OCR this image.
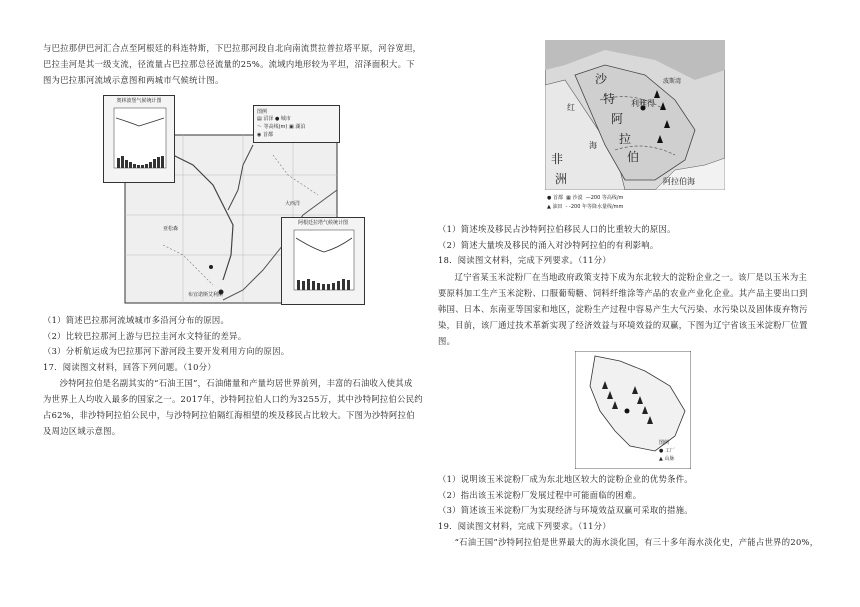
与巴拉那伊巴河汇合点至阿根廷的科连特斯，下巴拉那河段自北向南流贯拉普拉塔平原，河谷宽坦，

巴拉圭河是其一级支流，径流量占巴拉那总径流量的25%。流域内地形较为平坦，沼泽面积大。下

图为巴拉那河流域示意图和两城市气候统计图。

奥林波堡气候统计图
图例
▤ 沼泽 ● 城市
～ 等高线(m) ▣ 湖泊
◉ 首都
阿根廷拉塔气候统计图
大西洋
布宜诺斯艾利斯
亚松森

（1）简述巴拉那河流域城市多沿河分布的原因。

（2）比较巴拉那河上游与巴拉圭河水文特征的差异。

（3）分析航运成为巴拉那河下游河段主要开发利用方向的原因。

17．阅读图文材料，回答下列问题。（10分）

沙特阿拉伯是名副其实的“石油王国”，石油储量和产量均居世界前列，丰富的石油收入使其成

为世界上人均收入最多的国家之一。2017年，沙特阿拉伯人口约为3255万，其中沙特阿拉伯公民约

占62%，非沙特阿拉伯公民中，与沙特阿拉伯隔红海相望的埃及移民占比较大。下图为沙特阿拉伯

及周边区域示意图。

沙
特
阿
拉
伯
非
洲
红
海
阿拉伯海
利雅得
波斯湾
● 首都 ▦ 沙漠 —200 等高线/m
▲ 油田 - -200 年等降水量线/mm

（1）简述埃及移民占沙特阿拉伯移民人口的比重较大的原因。

（2）简述大量埃及移民的涌入对沙特阿拉伯的有利影响。

18．阅读图文材料，完成下列要求。（11分）

辽宁省某玉米淀粉厂在当地政府政策支持下成为东北较大的淀粉企业之一。该厂是以玉米为主

要原料加工生产玉米淀粉、口服葡萄糖、饲料纤维涂等产品的农业产业化企业。其产品主要出口到

韩国、日本、东南亚等国家和地区，淀粉生产过程中容易产生大气污染、水污染以及固体废弃物污

染，目前，该厂通过技术革新实现了经济效益与环境效益的双赢，下图为辽宁省该玉米淀粉厂位置

图。

图例
● 工厂
▲ 山脉

（1）说明该玉米淀粉厂成为东北地区较大的淀粉企业的优势条件。

（2）指出该玉米淀粉厂发展过程中可能面临的困难。

（3）简述该玉米淀粉厂为实现经济与环境效益双赢可采取的措施。

19．阅读图文材料，完成下列要求。（11分）

“石油王国”沙特阿拉伯是世界最大的海水淡化国，有三十多年海水淡化史，产能占世界的20%，
